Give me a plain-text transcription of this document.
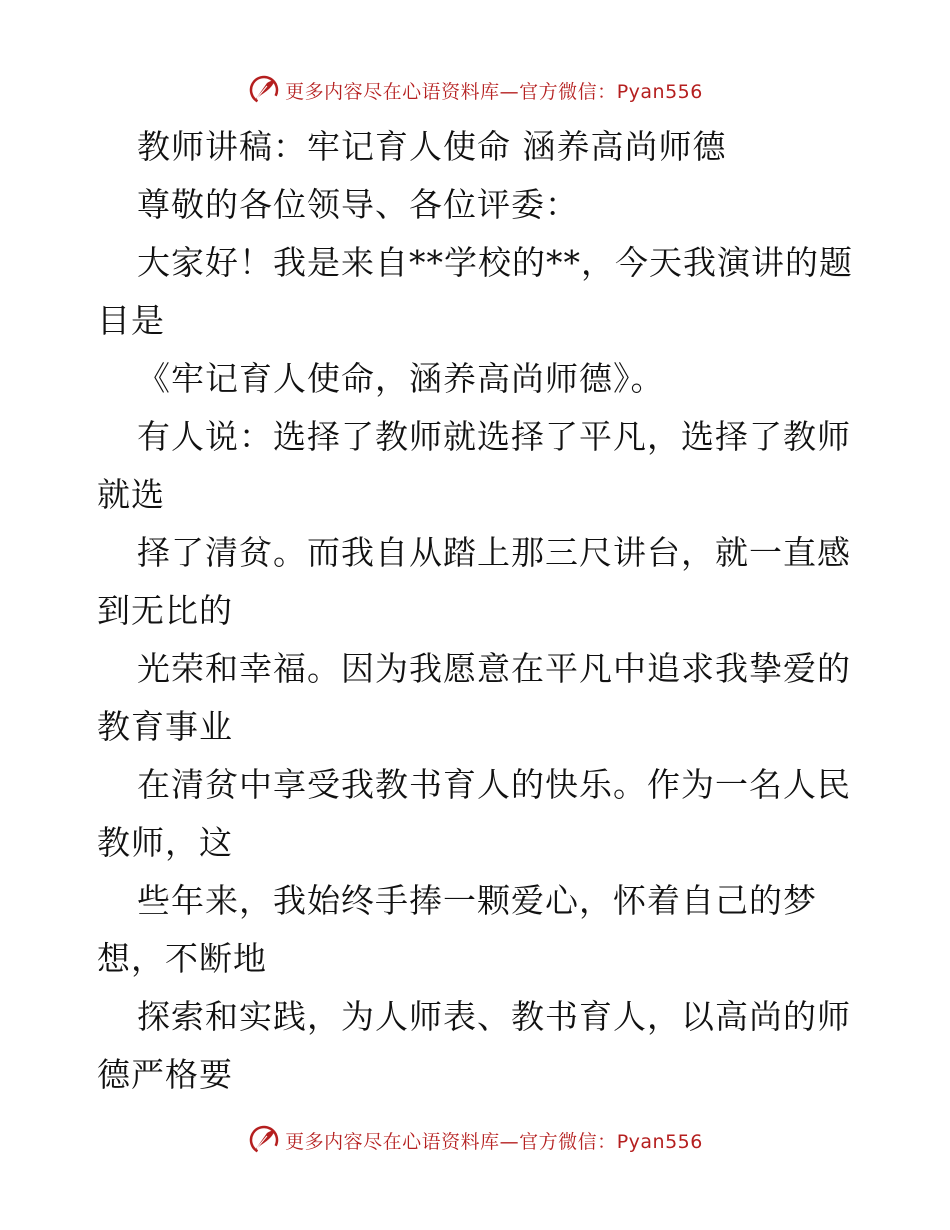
更多内容尽在心语资料库—官方微信：Pyan556
教师讲稿：牢记育人使命 涵养高尚师德
尊敬的各位领导、各位评委：
大家好！我是来自**学校的**，今天我演讲的题
目是
《牢记育人使命，涵养高尚师德》。
有人说：选择了教师就选择了平凡，选择了教师
就选
择了清贫。而我自从踏上那三尺讲台，就一直感
到无比的
光荣和幸福。因为我愿意在平凡中追求我挚爱的
教育事业
在清贫中享受我教书育人的快乐。作为一名人民
教师，这
些年来，我始终手捧一颗爱心，怀着自己的梦
想，不断地
探索和实践，为人师表、教书育人，以高尚的师
德严格要
更多内容尽在心语资料库—官方微信：Pyan556
